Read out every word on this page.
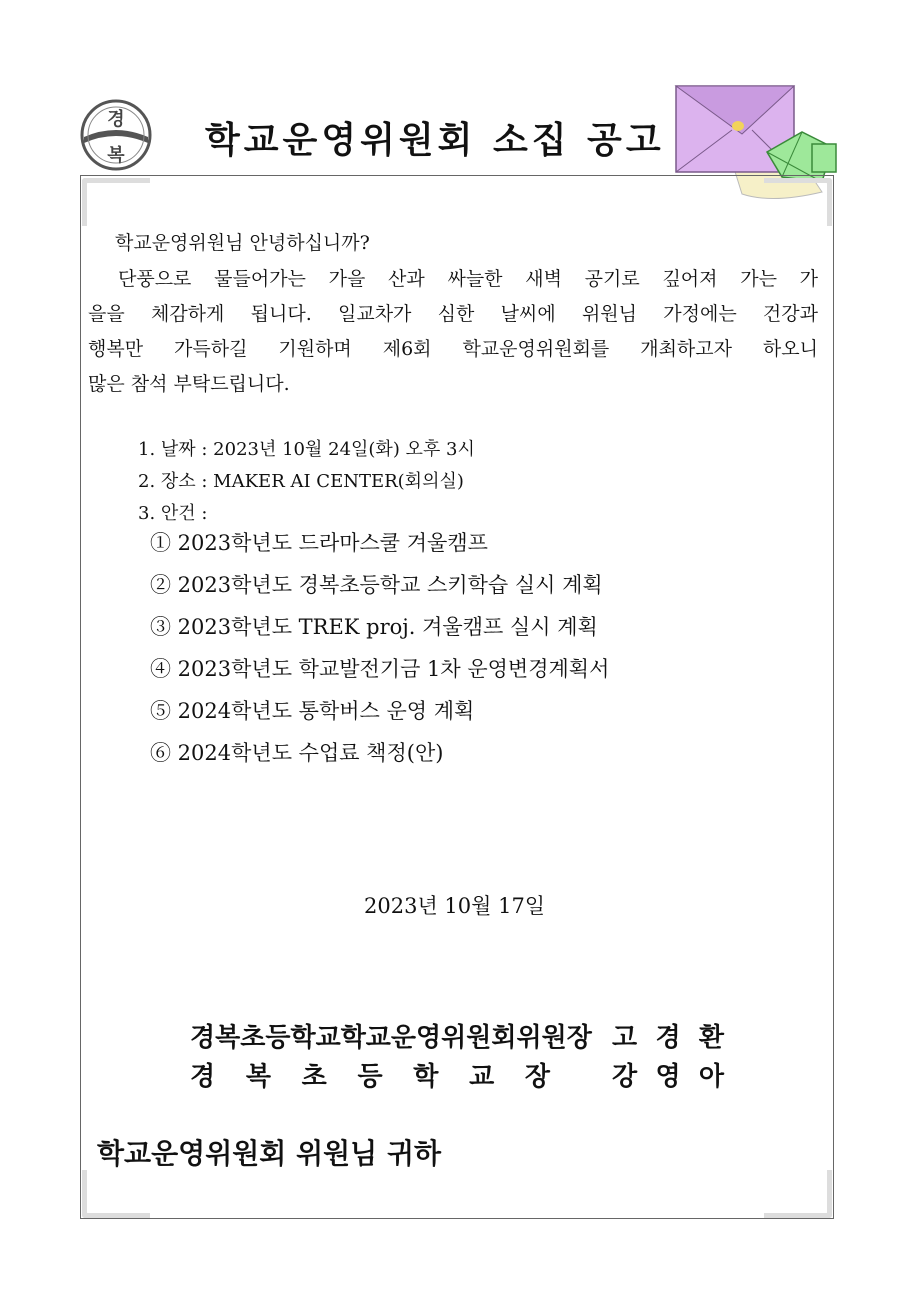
경
복 학교운영위원회 소집 공고
학교운영위원님 안녕하십니까?

단풍으로 물들어가는 가을 산과 싸늘한 새벽 공기로 깊어져 가는 가

을을 체감하게 됩니다. 일교차가 심한 날씨에 위원님 가정에는 건강과

행복만 가득하길 기원하며 제6회 학교운영위원회를 개최하고자 하오니

많은 참석 부탁드립니다.

1. 날짜 : 2023년 10월 24일(화) 오후 3시
2. 장소 : MAKER AI CENTER(회의실)
3. 안건 :
① 2023학년도 드라마스쿨 겨울캠프
② 2023학년도 경복초등학교 스키학습 실시 계획
③ 2023학년도 TREK proj. 겨울캠프 실시 계획
④ 2023학년도 학교발전기금 1차 운영변경계획서
⑤ 2024학년도 통학버스 운영 계획
⑥ 2024학년도 수업료 책정(안)
2023년 10월 17일
경복초등학교학교운영위원회위원장 고 경 환
경 복 초 등 학 교 장 강 영 아
학교운영위원회 위원님 귀하
